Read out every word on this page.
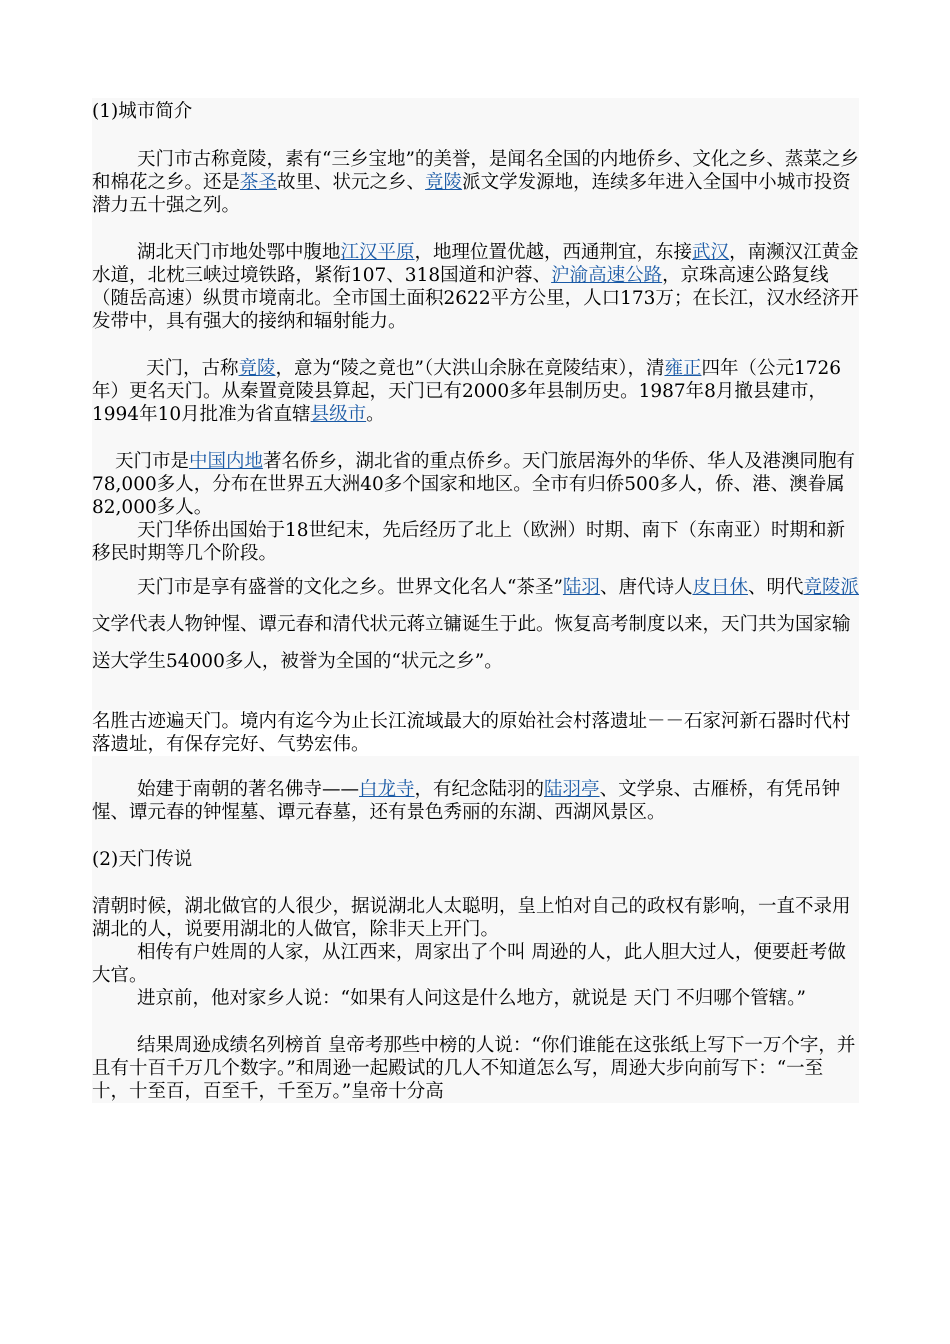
(1)城市简介
天门市古称竟陵，素有“三乡宝地”的美誉，是闻名全国的内地侨乡、文化之乡、蒸菜之乡和棉花之乡。还是茶圣故里、状元之乡、竟陵派文学发源地，连续多年进入全国中小城市投资潜力五十强之列。
湖北天门市地处鄂中腹地江汉平原，地理位置优越，西通荆宜，东接武汉，南濒汉江黄金水道，北枕三峡过境铁路，紧衔107、318国道和沪蓉、沪渝高速公路，京珠高速公路复线（随岳高速）纵贯市境南北。全市国土面积2622平方公里，人口173万；在长江，汉水经济开发带中，具有强大的接纳和辐射能力。
天门，古称竟陵，意为“陵之竟也”（大洪山余脉在竟陵结束），清雍正四年（公元1726年）更名天门。从秦置竟陵县算起，天门已有2000多年县制历史。1987年8月撤县建市，1994年10月批准为省直辖县级市。
天门市是中国内地著名侨乡，湖北省的重点侨乡。天门旅居海外的华侨、华人及港澳同胞有78,000多人，分布在世界五大洲40多个国家和地区。全市有归侨500多人，侨、港、澳眷属82,000多人。
天门华侨出国始于18世纪末，先后经历了北上（欧洲）时期、南下（东南亚）时期和新移民时期等几个阶段。
天门市是享有盛誉的文化之乡。世界文化名人“茶圣”陆羽、唐代诗人皮日休、明代竟陵派文学代表人物钟惺、谭元春和清代状元蒋立镛诞生于此。恢复高考制度以来，天门共为国家输送大学生54000多人，被誉为全国的“状元之乡”。
名胜古迹遍天门。境内有迄今为止长江流域最大的原始社会村落遗址－－石家河新石器时代村落遗址，有保存完好、气势宏伟。
始建于南朝的著名佛寺——白龙寺，有纪念陆羽的陆羽亭、文学泉、古雁桥，有凭吊钟惺、谭元春的钟惺墓、谭元春墓，还有景色秀丽的东湖、西湖风景区。
(2)天门传说
清朝时候，湖北做官的人很少，据说湖北人太聪明，皇上怕对自己的政权有影响，一直不录用湖北的人，说要用湖北的人做官，除非天上开门。
相传有户姓周的人家，从江西来，周家出了个叫 周逊的人，此人胆大过人，便要赶考做大官。
进京前，他对家乡人说：“如果有人问这是什么地方，就说是 天门 不归哪个管辖。”
结果周逊成绩名列榜首 皇帝考那些中榜的人说：“你们谁能在这张纸上写下一万个字，并且有十百千万几个数字。”和周逊一起殿试的几人不知道怎么写，周逊大步向前写下：“一至十，十至百，百至千，千至万。”皇帝十分高
